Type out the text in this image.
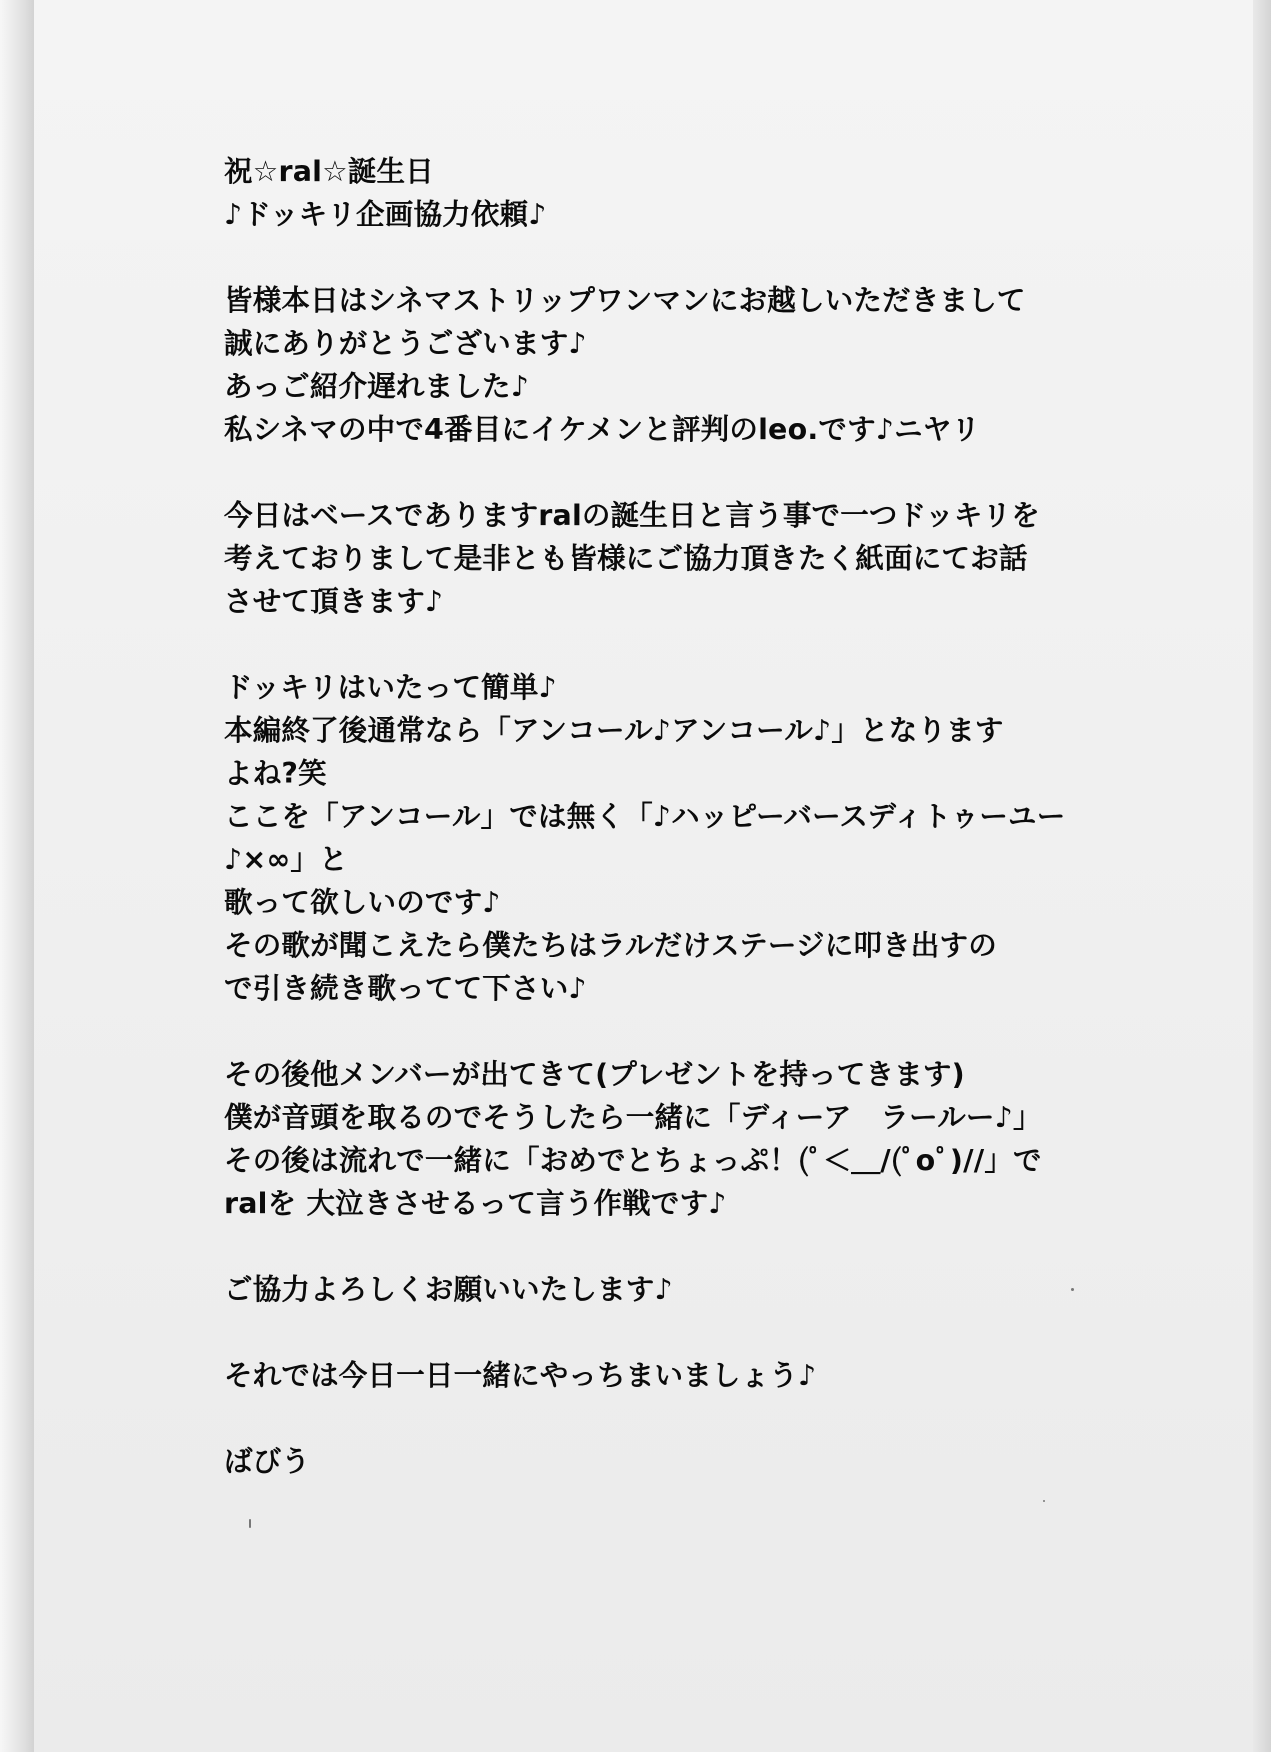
祝☆ral☆誕生日
♪ドッキリ企画協力依頼♪
皆様本日はシネマストリップワンマンにお越しいただきまして
誠にありがとうございます♪
あっご紹介遅れました♪
私シネマの中で4番目にイケメンと評判のleo.です♪ニヤリ
今日はベースでありますralの誕生日と言う事で一つドッキリを
考えておりまして是非とも皆様にご協力頂きたく紙面にてお話
させて頂きます♪
ドッキリはいたって簡単♪
本編終了後通常なら「アンコール♪アンコール♪」となります
よね?笑
ここを「アンコール」では無く「♪ハッピーバースディトゥーユー
♪×∞」と
歌って欲しいのです♪
その歌が聞こえたら僕たちはラルだけステージに叩き出すの
で引き続き歌ってて下さい♪
その後他メンバーが出てきて(プレゼントを持ってきます)
僕が音頭を取るのでそうしたら一緒に「ディーア　ラールー♪」
その後は流れで一緒に「おめでとちょっぷ！(ﾟ＜＿/(ﾟoﾟ)//」で
ralを 大泣きさせるって言う作戦です♪
ご協力よろしくお願いいたします♪
それでは今日一日一緒にやっちまいましょう♪
ばびう
